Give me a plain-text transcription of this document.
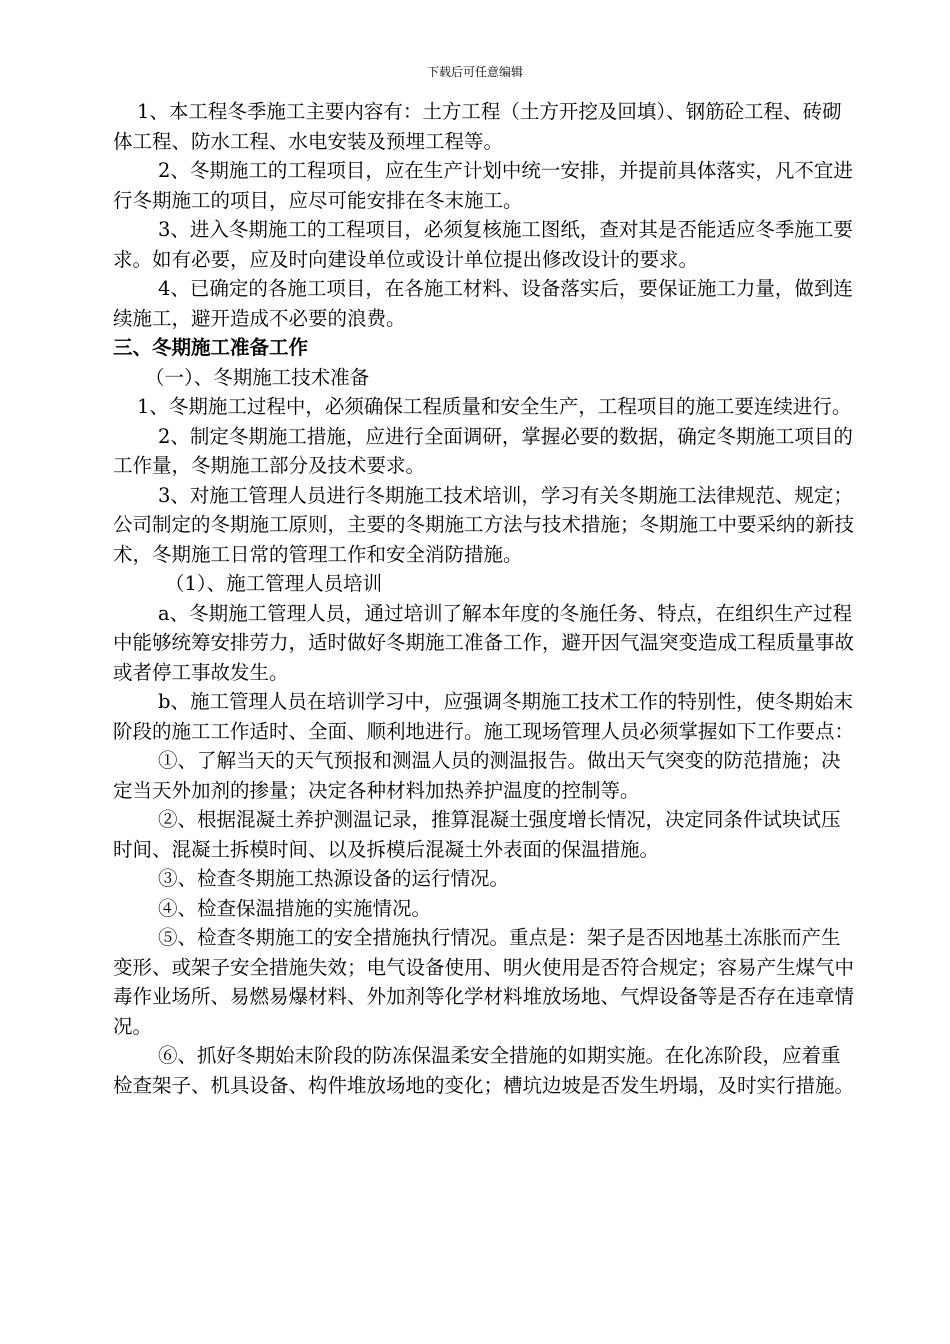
下载后可任意编辑

1、本工程冬季施工主要内容有：土方工程（土方开挖及回填）、钢筋砼工程、砖砌体工程、防水工程、水电安装及预埋工程等。

2、冬期施工的工程项目，应在生产计划中统一安排，并提前具体落实，凡不宜进行冬期施工的项目，应尽可能安排在冬末施工。

3、进入冬期施工的工程项目，必须复核施工图纸，查对其是否能适应冬季施工要求。如有必要，应及时向建设单位或设计单位提出修改设计的要求。

4、已确定的各施工项目，在各施工材料、设备落实后，要保证施工力量，做到连续施工，避开造成不必要的浪费。

三、冬期施工准备工作

（一）、冬期施工技术准备

1、冬期施工过程中，必须确保工程质量和安全生产，工程项目的施工要连续进行。

2、制定冬期施工措施，应进行全面调研，掌握必要的数据，确定冬期施工项目的工作量，冬期施工部分及技术要求。

3、对施工管理人员进行冬期施工技术培训，学习有关冬期施工法律规范、规定；公司制定的冬期施工原则，主要的冬期施工方法与技术措施；冬期施工中要采纳的新技术，冬期施工日常的管理工作和安全消防措施。

（1）、施工管理人员培训

a、冬期施工管理人员，通过培训了解本年度的冬施任务、特点，在组织生产过程中能够统筹安排劳力，适时做好冬期施工准备工作，避开因气温突变造成工程质量事故或者停工事故发生。

b、施工管理人员在培训学习中，应强调冬期施工技术工作的特别性，使冬期始末阶段的施工工作适时、全面、顺利地进行。施工现场管理人员必须掌握如下工作要点：

①、了解当天的天气预报和测温人员的测温报告。做出天气突变的防范措施；决定当天外加剂的掺量；决定各种材料加热养护温度的控制等。

②、根据混凝土养护测温记录，推算混凝土强度增长情况，决定同条件试块试压时间、混凝土拆模时间、以及拆模后混凝土外表面的保温措施。

③、检查冬期施工热源设备的运行情况。

④、检查保温措施的实施情况。

⑤、检查冬期施工的安全措施执行情况。重点是：架子是否因地基土冻胀而产生变形、或架子安全措施失效；电气设备使用、明火使用是否符合规定；容易产生煤气中毒作业场所、易燃易爆材料、外加剂等化学材料堆放场地、气焊设备等是否存在违章情况。

⑥、抓好冬期始末阶段的防冻保温柔安全措施的如期实施。在化冻阶段，应着重检查架子、机具设备、构件堆放场地的变化；槽坑边坡是否发生坍塌，及时实行措施。
